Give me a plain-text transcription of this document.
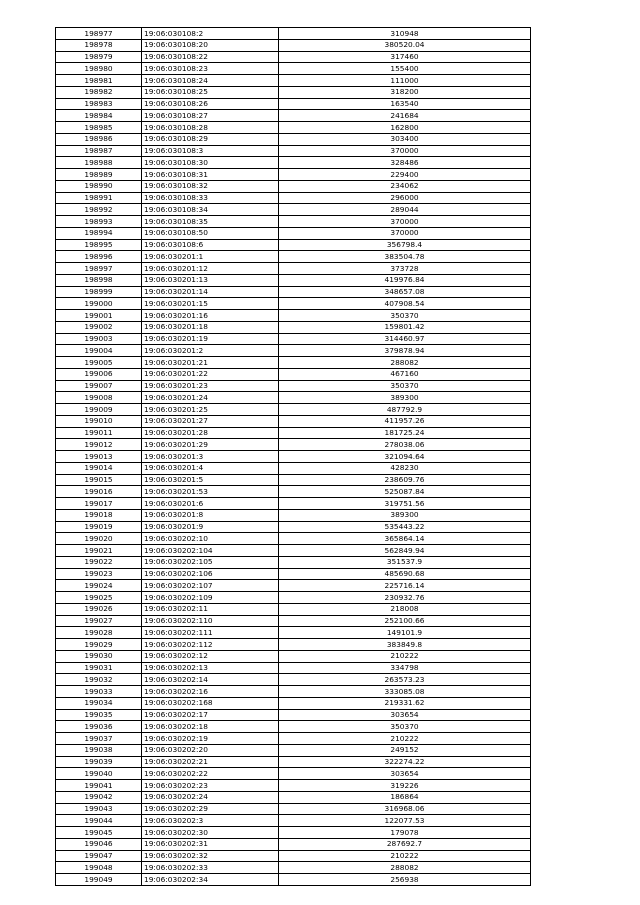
198977	19:06:030108:2	310948
198978	19:06:030108:20	380520.04
198979	19:06:030108:22	317460
198980	19:06:030108:23	155400
198981	19:06:030108:24	111000
198982	19:06:030108:25	318200
198983	19:06:030108:26	163540
198984	19:06:030108:27	241684
198985	19:06:030108:28	162800
198986	19:06:030108:29	303400
198987	19:06:030108:3	370000
198988	19:06:030108:30	328486
198989	19:06:030108:31	229400
198990	19:06:030108:32	234062
198991	19:06:030108:33	296000
198992	19:06:030108:34	289044
198993	19:06:030108:35	370000
198994	19:06:030108:50	370000
198995	19:06:030108:6	356798.4
198996	19:06:030201:1	383504.78
198997	19:06:030201:12	373728
198998	19:06:030201:13	419976.84
198999	19:06:030201:14	348657.08
199000	19:06:030201:15	407908.54
199001	19:06:030201:16	350370
199002	19:06:030201:18	159801.42
199003	19:06:030201:19	314460.97
199004	19:06:030201:2	379878.94
199005	19:06:030201:21	288082
199006	19:06:030201:22	467160
199007	19:06:030201:23	350370
199008	19:06:030201:24	389300
199009	19:06:030201:25	487792.9
199010	19:06:030201:27	411957.26
199011	19:06:030201:28	181725.24
199012	19:06:030201:29	278038.06
199013	19:06:030201:3	321094.64
199014	19:06:030201:4	428230
199015	19:06:030201:5	238609.76
199016	19:06:030201:53	525087.84
199017	19:06:030201:6	319751.56
199018	19:06:030201:8	389300
199019	19:06:030201:9	535443.22
199020	19:06:030202:10	365864.14
199021	19:06:030202:104	562849.94
199022	19:06:030202:105	351537.9
199023	19:06:030202:106	485690.68
199024	19:06:030202:107	225716.14
199025	19:06:030202:109	230932.76
199026	19:06:030202:11	218008
199027	19:06:030202:110	252100.66
199028	19:06:030202:111	149101.9
199029	19:06:030202:112	383849.8
199030	19:06:030202:12	210222
199031	19:06:030202:13	334798
199032	19:06:030202:14	263573.23
199033	19:06:030202:16	333085.08
199034	19:06:030202:168	219331.62
199035	19:06:030202:17	303654
199036	19:06:030202:18	350370
199037	19:06:030202:19	210222
199038	19:06:030202:20	249152
199039	19:06:030202:21	322274.22
199040	19:06:030202:22	303654
199041	19:06:030202:23	319226
199042	19:06:030202:24	186864
199043	19:06:030202:29	316968.06
199044	19:06:030202:3	122077.53
199045	19:06:030202:30	179078
199046	19:06:030202:31	287692.7
199047	19:06:030202:32	210222
199048	19:06:030202:33	288082
199049	19:06:030202:34	256938
